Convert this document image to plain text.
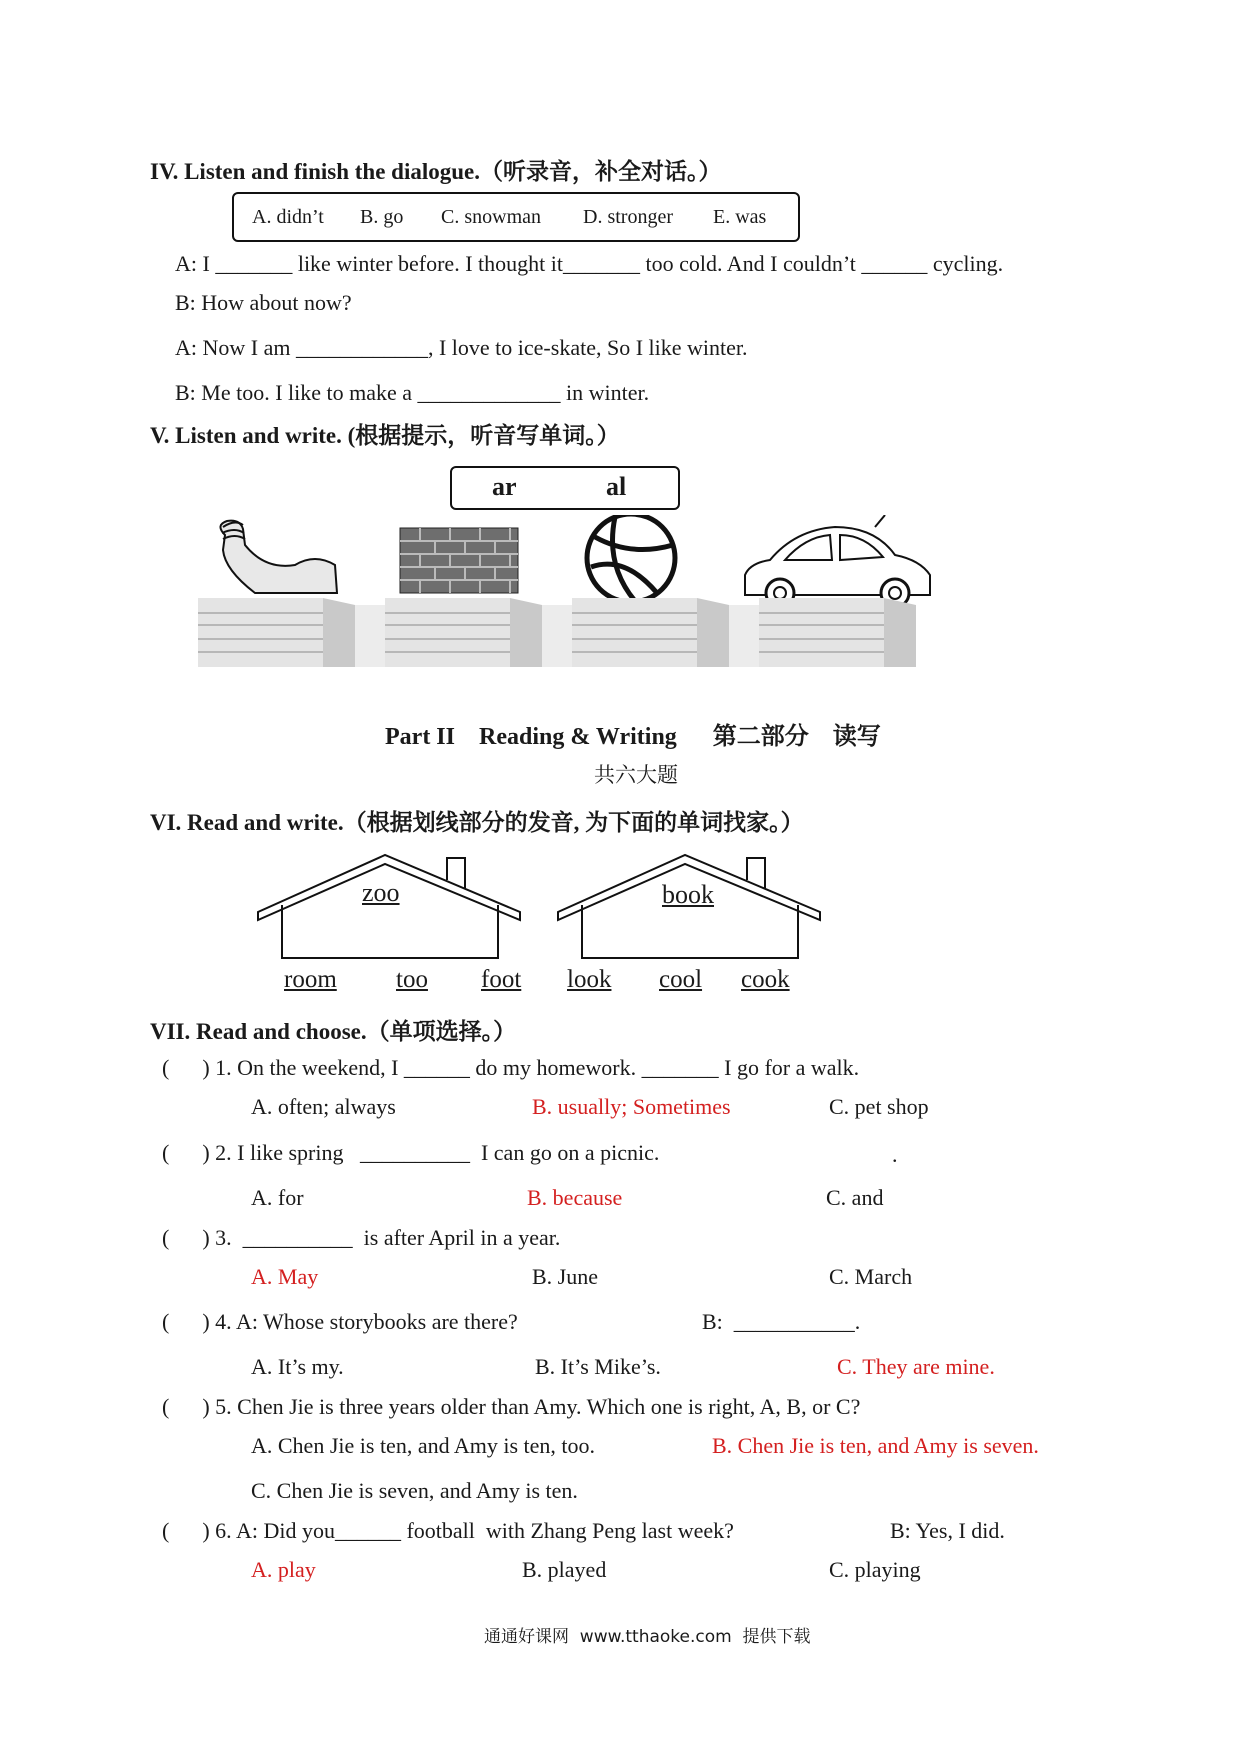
IV. Listen and finish the dialogue.（听录音，补全对话。）
A. didn’t B. go C. snowman D. stronger E. was
A: I _______ like winter before. I thought it_______ too cold. And I couldn’t ______ cycling.
B: How about now?
A: Now I am ____________, I love to ice-skate, So I like winter.
B: Me too. I like to make a _____________ in winter.
V. Listen and write. (根据提示，听音写单词。）
ar	al
Part II    Reading & Writing      第二部分    读写
共六大题
VI. Read and write.（根据划线部分的发音, 为下面的单词找家。）
zoo	book
room too foot look cool cook
VII. Read and choose.（单项选择。）
(      ) 1. On the weekend, I ______ do my homework. _______ I go for a walk.
A. often; always	B. usually; Sometimes	C. pet shop
(      ) 2. I like spring   __________  I can go on a picnic.	.
A. for	B. because	C. and
(      ) 3.  __________  is after April in a year.
A. May	B. June	C. March
(      ) 4. A: Whose storybooks are there?	B:  ___________.
A. It’s my.	B. It’s Mike’s.	C. They are mine.
(      ) 5. Chen Jie is three years older than Amy. Which one is right, A, B, or C?
A. Chen Jie is ten, and Amy is ten, too.	B. Chen Jie is ten, and Amy is seven.
C. Chen Jie is seven, and Amy is ten.
(      ) 6. A: Did you______ football  with Zhang Peng last week?	B: Yes, I did.
A. play	B. played	C. playing
通通好课网  www.tthaoke.com  提供下载
